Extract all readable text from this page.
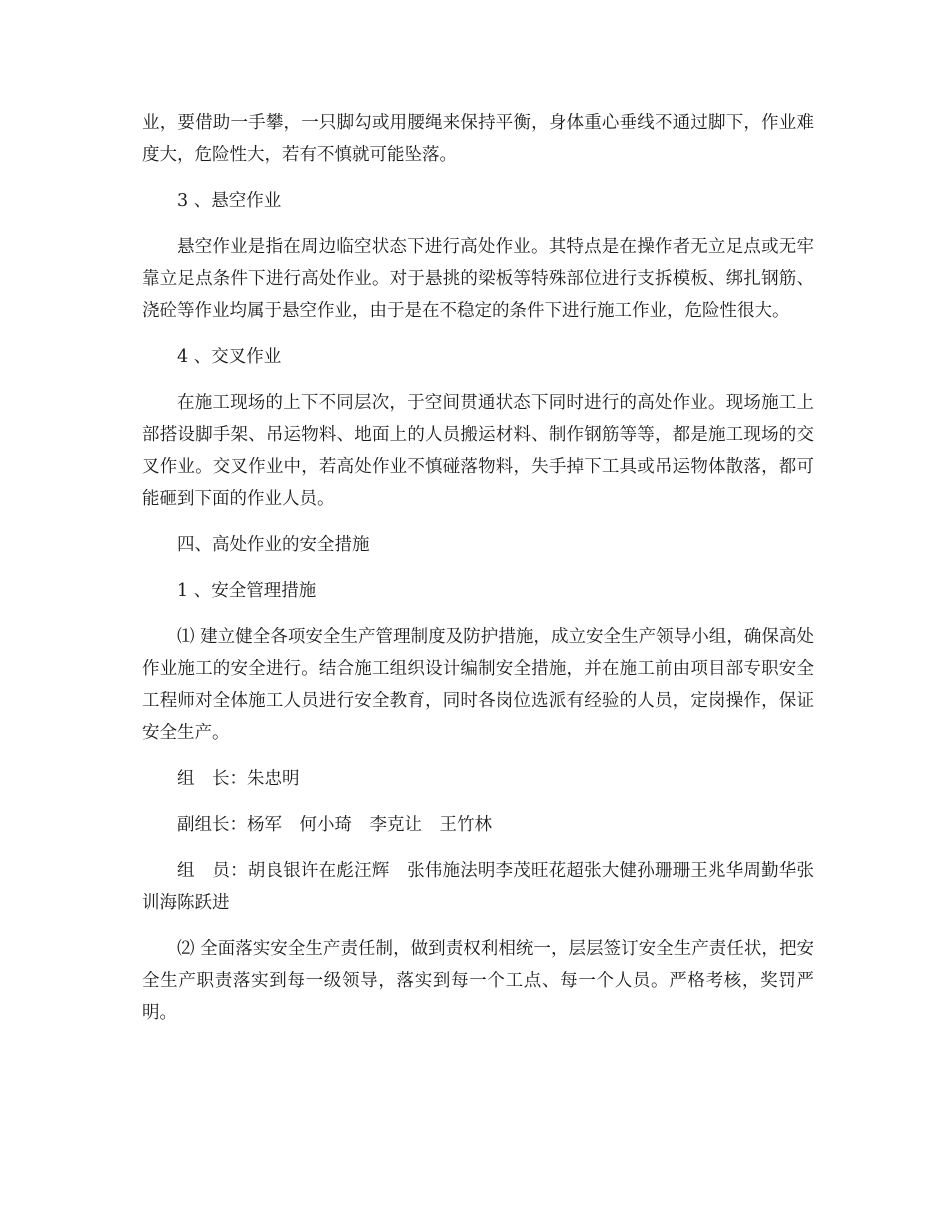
业，要借助一手攀，一只脚勾或用腰绳来保持平衡，身体重心垂线不通过脚下，作业难度大，危险性大，若有不慎就可能坠落。

3 、悬空作业

悬空作业是指在周边临空状态下进行高处作业。其特点是在操作者无立足点或无牢靠立足点条件下进行高处作业。对于悬挑的梁板等特殊部位进行支拆模板、绑扎钢筋、浇砼等作业均属于悬空作业，由于是在不稳定的条件下进行施工作业，危险性很大。

4 、交叉作业

在施工现场的上下不同层次，于空间贯通状态下同时进行的高处作业。现场施工上部搭设脚手架、吊运物料、地面上的人员搬运材料、制作钢筋等等，都是施工现场的交叉作业。交叉作业中，若高处作业不慎碰落物料，失手掉下工具或吊运物体散落，都可能砸到下面的作业人员。

四、高处作业的安全措施

1 、安全管理措施

⑴ 建立健全各项安全生产管理制度及防护措施，成立安全生产领导小组，确保高处作业施工的安全进行。结合施工组织设计编制安全措施，并在施工前由项目部专职安全工程师对全体施工人员进行安全教育，同时各岗位选派有经验的人员，定岗操作，保证安全生产。

组　长：朱忠明

副组长：杨军　何小琦　李克让　王竹林

组　员：胡良银许在彪汪辉　张伟施法明李茂旺花超张大健孙珊珊王兆华周勤华张训海陈跃进

⑵ 全面落实安全生产责任制，做到责权利相统一，层层签订安全生产责任状，把安全生产职责落实到每一级领导，落实到每一个工点、每一个人员。严格考核，奖罚严明。
